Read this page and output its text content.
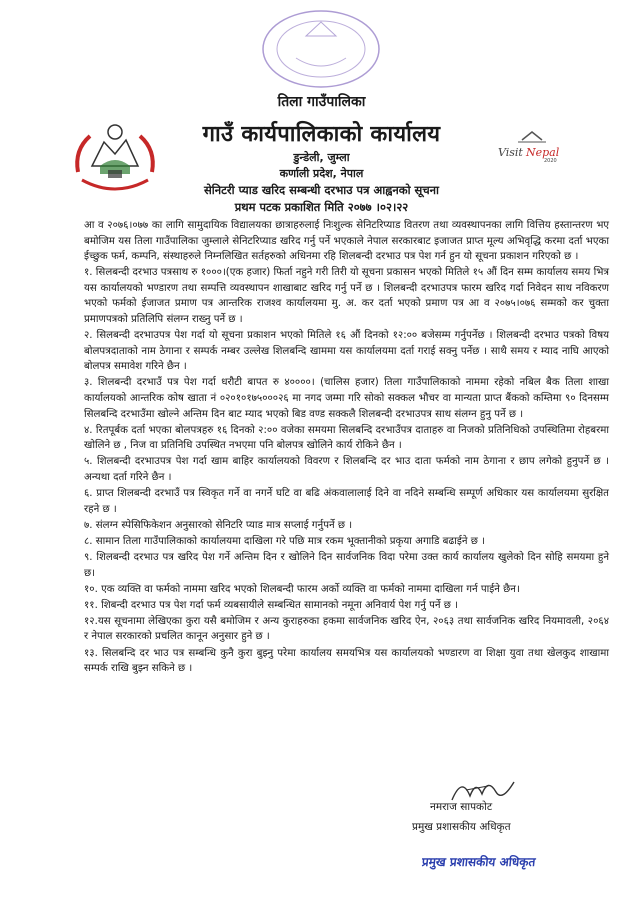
तिला गाउँपालिका
गाउँ कार्यपालिकाको कार्यालय
Visit Nepal
2020
डुन्डेली, जुम्ला
कर्णाली प्रदेश, नेपाल
सेनिटरी प्याड खरिद सम्बन्धी दरभाउ पत्र आह्वनको सूचना
प्रथम पटक प्रकाशित मिति २०७७ ।०२।२२

आ व २०७६।०७७ का लागि सामुदायिक विद्यालयका छात्राहरुलाई निःशुल्क सेनिटरिप्याड वितरण तथा व्यवस्थापनका लागि वित्तिय हस्तान्तरण भए बमोजिम यस तिला गाउँपालिका जुम्लाले सेनिटरिप्याड खरिद गर्नु पर्ने भएकाले नेपाल सरकारबाट इजाजत प्राप्त मूल्य अभिवृद्धि करमा दर्ता भएका ईच्छुक फर्म, कम्पनि, संस्थाहरुले निम्नलिखित सर्तहरुको अधिनमा रहि शिलबन्दी दरभाउ पत्र पेश गर्न हुन यो सूचना प्रकाशन गरिएको छ ।

१. सिलबन्दी दरभाउ पत्रसाथ रु १०००।(एक हजार) फिर्ता नहुने गरी तिरी यो सूचना प्रकासन भएको मितिले १५ औं दिन सम्म कार्यालय समय भित्र यस कार्यालयको भण्डारण तथा सम्पत्ति व्यवस्थापन शाखाबाट खरिद गर्नु पर्ने छ । शिलबन्दी दरभाउपत्र फारम खरिद गर्दा निवेदन साथ नविकरण भएको फर्मको ईजाजत प्रमाण पत्र आन्तरिक राजश्व कार्यालयमा मु. अ. कर दर्ता भएको प्रमाण पत्र आ व २०७५।०७६ सम्मको कर चुक्ता प्रमाणपत्रको प्रतिलिपि संलग्न राख्नु पर्ने छ ।

२. सिलबन्दी दरभाउपत्र पेश गर्दा यो सूचना प्रकाशन भएको मितिले १६ औं दिनको १२:०० बजेसम्म गर्नुपर्नेछ । शिलबन्दी दरभाउ पत्रको विषय बोलपत्रदाताको नाम ठेगाना र सम्पर्क नम्बर उल्लेख शिलबन्दि खाममा यस कार्यालयमा दर्ता गराई सक्नु पर्नेछ । साथै समय र म्याद नाघि आएको बोलपत्र समावेश गरिने छैन ।

३. शिलबन्दी दरभाउँ पत्र पेश गर्दा धरौटी बापत रु ४००००। (चालिस हजार) तिला गाउँपालिकाको नाममा रहेको नबिल बैक तिला शाखा कार्यालयको आन्तरिक कोष खाता नं ०२०१०१७५०००२६ मा नगद जम्मा गरि सोको सक्कल भौचर वा मान्यता प्राप्त बैंकको कम्तिमा ९० दिनसम्म सिलबन्दि दरभाउँमा खोल्ने अन्तिम दिन बाट म्याद भएको बिड वण्ड सक्कलै शिलबन्दी दरभाउपत्र साथ संलग्न हुनु पर्ने छ ।

४. रितपूर्बक दर्ता भएका बोलपत्रहरु १६ दिनको २:०० वजेका समयमा सिलबन्दि दरभाउँपत्र दाताहरु वा निजको प्रतिनिधिको उपस्थितिमा रोहबरमा खोलिने छ , निज वा प्रतिनिधि उपस्थित नभएमा पनि बोलपत्र खोलिने कार्य रोकिने छैन ।

५. शिलबन्दी दरभाउपत्र पेश गर्दा खाम बाहिर कार्यालयको विवरण र शिलबन्दि दर भाउ दाता फर्मको नाम ठेगाना र छाप लगेको हुनुपर्ने छ । अन्यथा दर्ता गरिने छैन ।

६. प्राप्त शिलबन्दी दरभाउँ पत्र स्विकृत गर्ने वा नगर्ने घटि वा बढि अंकवालालाई दिने वा नदिने सम्बन्धि सम्पूर्ण अधिकार यस कार्यालयमा सुरक्षित रहने छ ।

७. संलग्न स्पेसिफिकेशन अनुसारको सेनिटरि प्याड मात्र सप्लाई गर्नुपर्ने छ ।

८. सामान तिला गाउँपालिकाको कार्यालयमा दाखिला गरे पछि मात्र रकम भूक्तानीको प्रकृया अगाडि बढाईने छ ।

९. शिलबन्दी दरभाउ पत्र खरिद पेश गर्ने अन्तिम दिन र खोलिने दिन सार्वजनिक विदा परेमा उक्त कार्य कार्यालय खुलेको दिन सोहि समयमा हुने छ।

१०. एक व्यक्ति वा फर्मको नाममा खरिद भएको शिलबन्दी फारम अर्को व्यक्ति वा फर्मको नाममा दाखिला गर्न पाईने छैन।

११. शिबन्दी दरभाउ पत्र पेश गर्दा फर्म व्यबसायीले सम्बन्धित सामानको नमूना अनिवार्य पेश गर्नु पर्ने छ ।

१२.यस सूचनामा लेखिएका कुरा यसै बमोजिम र अन्य कुराहरुका हकमा सार्वजनिक खरिद ऐन, २०६३ तथा सार्वजनिक खरिद नियमावली, २०६४ र नेपाल सरकारको प्रचलित कानून अनुसार हुने छ ।

१३. सिलबन्दि दर भाउ पत्र सम्बन्धि कुनै कुरा बुझ्नु परेमा कार्यालय समयभित्र यस कार्यालयको भण्डारण वा शिक्षा युवा तथा खेलकुद शाखामा सम्पर्क राखि बुझ्न सकिने छ ।

नमराज सापकोट
प्रमुख प्रशासकीय अधिकृत
प्रमुख प्रशासकीय अधिकृत
